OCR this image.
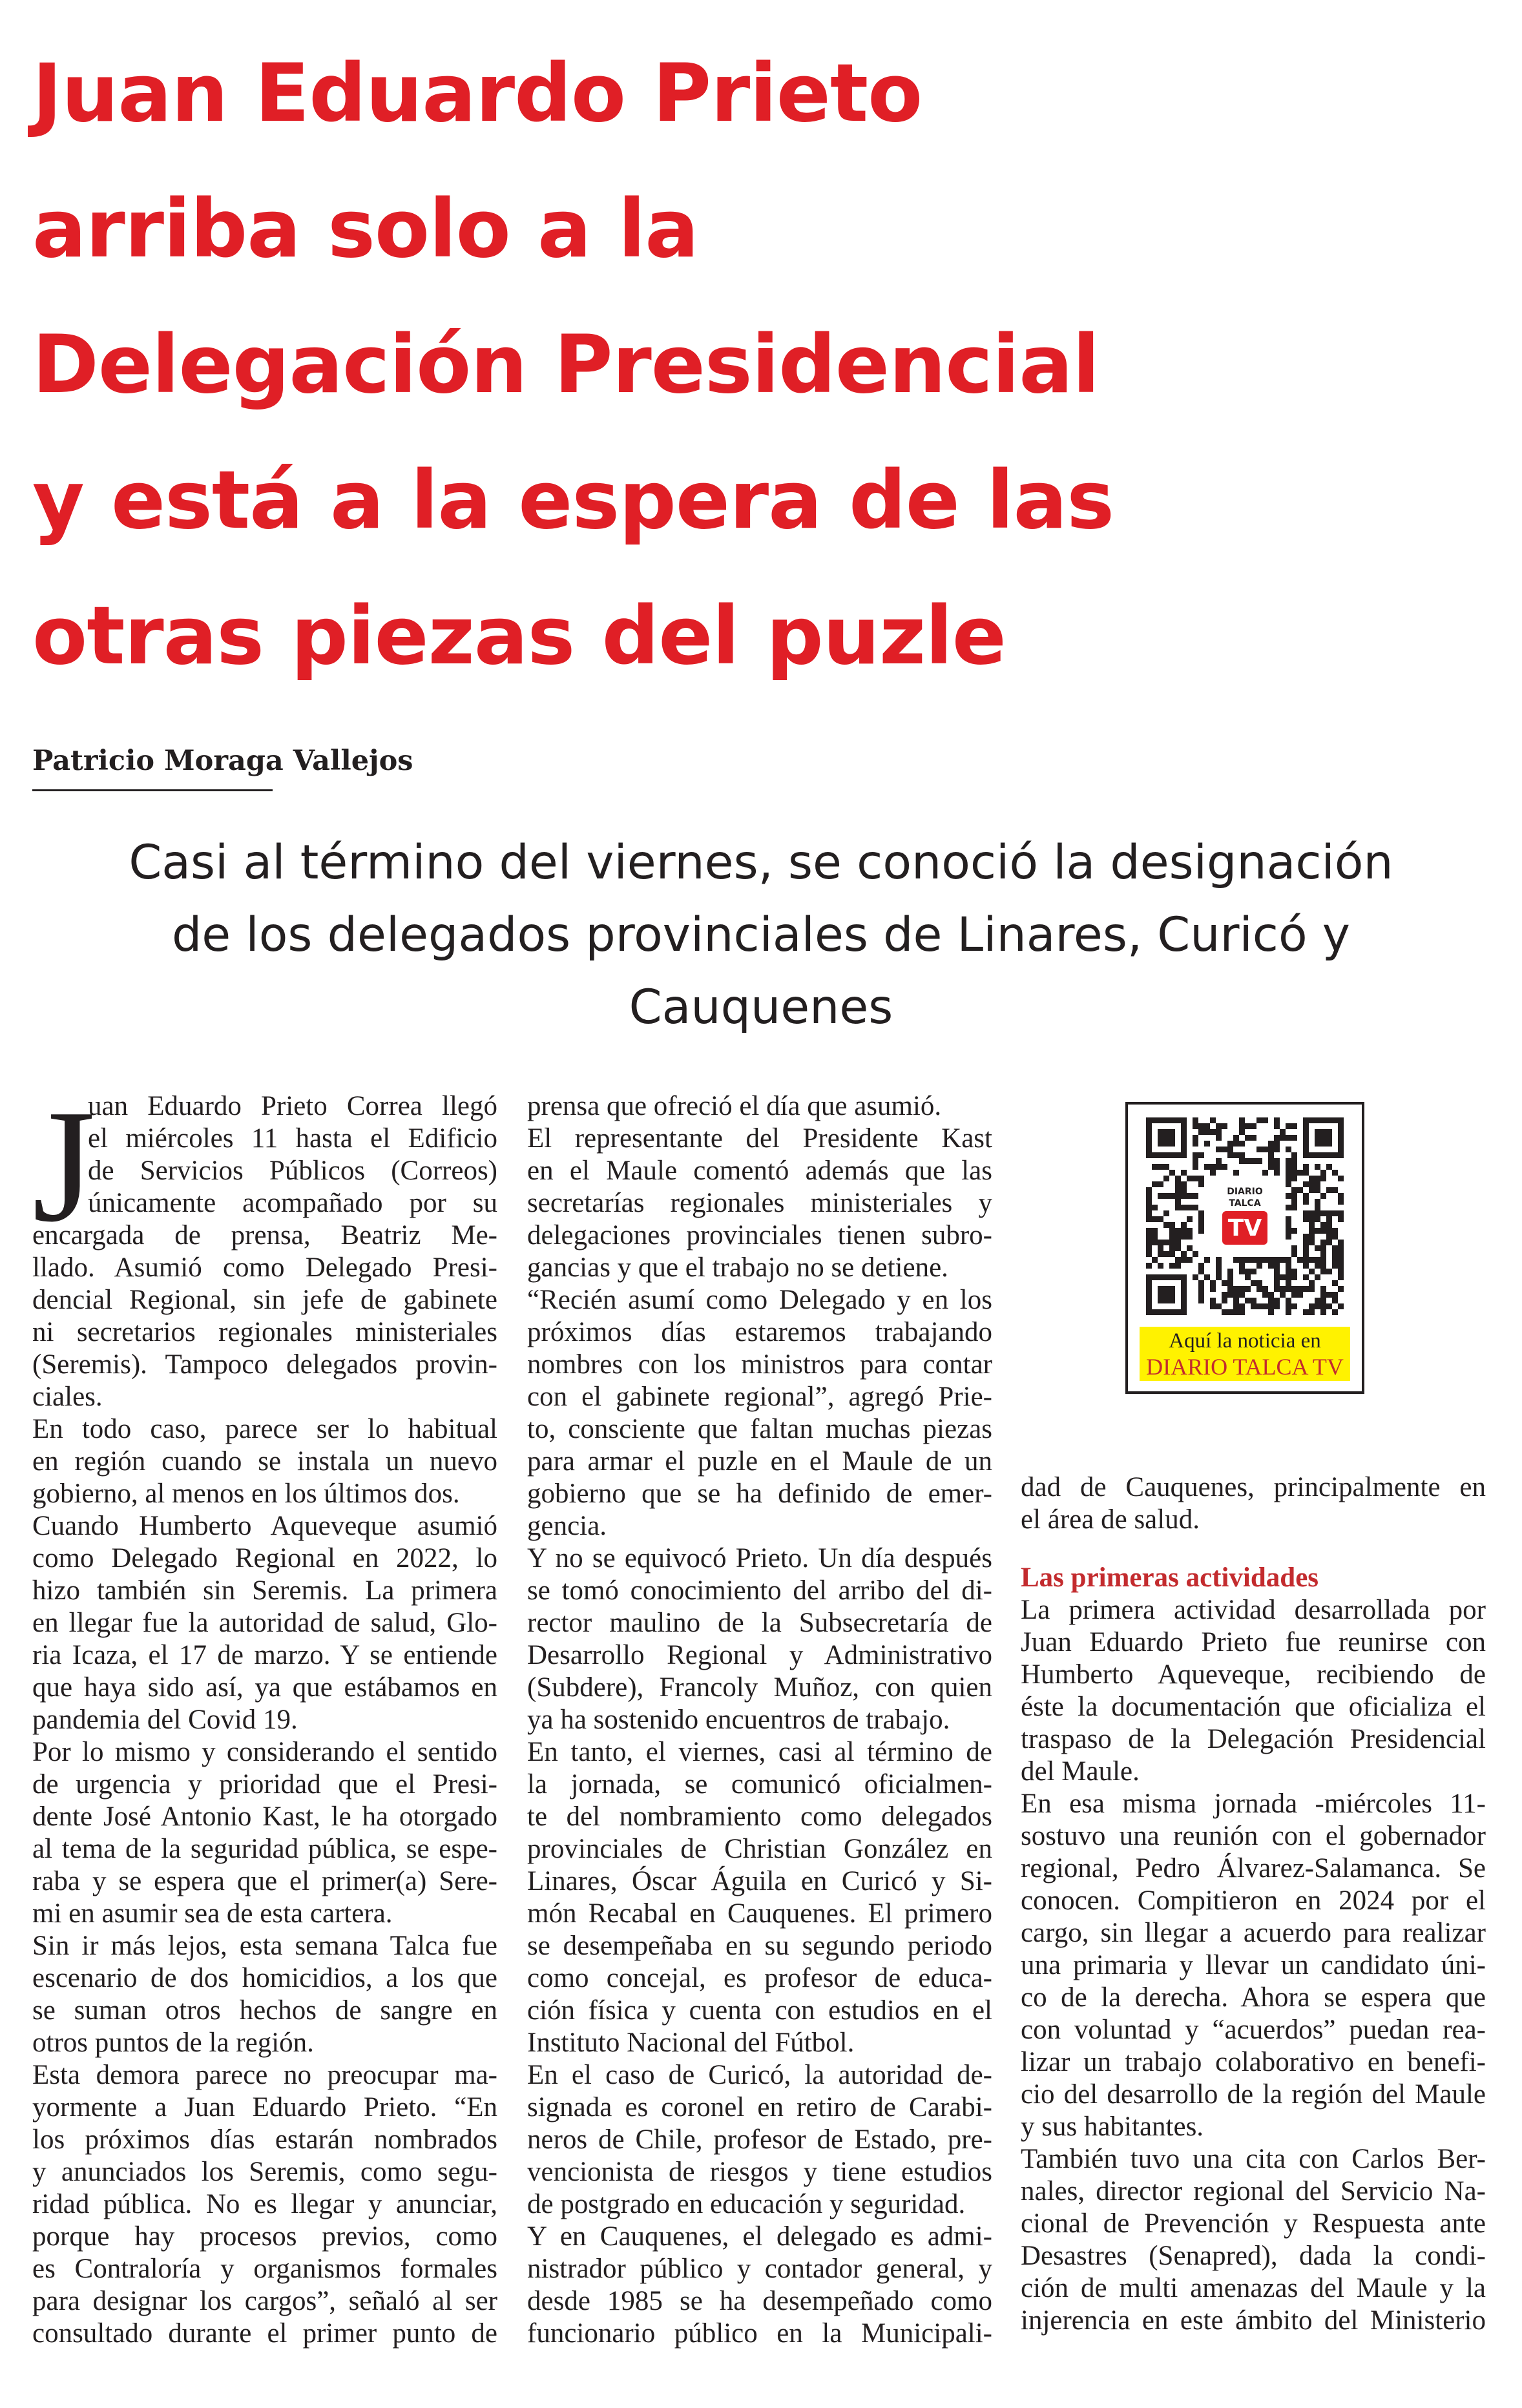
Juan Eduardo Prieto
arriba solo a la
Delegación Presidencial
y está a la espera de las
otras piezas del puzle
Patricio Moraga Vallejos
Casi al término del viernes, se conoció la designación
de los delegados provinciales de Linares, Curicó y
Cauquenes
J
uan Eduardo Prieto Correa llegó
el miércoles 11 hasta el Edificio
de Servicios Públicos (Correos)
únicamente acompañado por su
encargada de prensa, Beatriz Me-
llado. Asumió como Delegado Presi-
dencial Regional, sin jefe de gabinete
ni secretarios regionales ministeriales
(Seremis). Tampoco delegados provin-
ciales.
En todo caso, parece ser lo habitual
en región cuando se instala un nuevo
gobierno, al menos en los últimos dos.
Cuando Humberto Aqueveque asumió
como Delegado Regional en 2022, lo
hizo también sin Seremis. La primera
en llegar fue la autoridad de salud, Glo-
ria Icaza, el 17 de marzo. Y se entiende
que haya sido así, ya que estábamos en
pandemia del Covid 19.
Por lo mismo y considerando el sentido
de urgencia y prioridad que el Presi-
dente José Antonio Kast, le ha otorgado
al tema de la seguridad pública, se espe-
raba y se espera que el primer(a) Sere-
mi en asumir sea de esta cartera.
Sin ir más lejos, esta semana Talca fue
escenario de dos homicidios, a los que
se suman otros hechos de sangre en
otros puntos de la región.
Esta demora parece no preocupar ma-
yormente a Juan Eduardo Prieto. “En
los próximos días estarán nombrados
y anunciados los Seremis, como segu-
ridad pública. No es llegar y anunciar,
porque hay procesos previos, como
es Contraloría y organismos formales
para designar los cargos”, señaló al ser
consultado durante el primer punto de
prensa que ofreció el día que asumió.
El representante del Presidente Kast
en el Maule comentó además que las
secretarías regionales ministeriales y
delegaciones provinciales tienen subro-
gancias y que el trabajo no se detiene.
“Recién asumí como Delegado y en los
próximos días estaremos trabajando
nombres con los ministros para contar
con el gabinete regional”, agregó Prie-
to, consciente que faltan muchas piezas
para armar el puzle en el Maule de un
gobierno que se ha definido de emer-
gencia.
Y no se equivocó Prieto. Un día después
se tomó conocimiento del arribo del di-
rector maulino de la Subsecretaría de
Desarrollo Regional y Administrativo
(Subdere), Francoly Muñoz, con quien
ya ha sostenido encuentros de trabajo.
En tanto, el viernes, casi al término de
la jornada, se comunicó oficialmen-
te del nombramiento como delegados
provinciales de Christian González en
Linares, Óscar Águila en Curicó y Si-
món Recabal en Cauquenes. El primero
se desempeñaba en su segundo periodo
como concejal, es profesor de educa-
ción física y cuenta con estudios en el
Instituto Nacional del Fútbol.
En el caso de Curicó, la autoridad de-
signada es coronel en retiro de Carabi-
neros de Chile, profesor de Estado, pre-
vencionista de riesgos y tiene estudios
de postgrado en educación y seguridad.
Y en Cauquenes, el delegado es admi-
nistrador público y contador general, y
desde 1985 se ha desempeñado como
funcionario público en la Municipali-
DIARIO
TALCA
TV
Aquí la noticia en
DIARIO TALCA TV
dad de Cauquenes, principalmente en
el área de salud.
Las primeras actividades
La primera actividad desarrollada por
Juan Eduardo Prieto fue reunirse con
Humberto Aqueveque, recibiendo de
éste la documentación que oficializa el
traspaso de la Delegación Presidencial
del Maule.
En esa misma jornada -miércoles 11-
sostuvo una reunión con el gobernador
regional, Pedro Álvarez-Salamanca. Se
conocen. Compitieron en 2024 por el
cargo, sin llegar a acuerdo para realizar
una primaria y llevar un candidato úni-
co de la derecha. Ahora se espera que
con voluntad y “acuerdos” puedan rea-
lizar un trabajo colaborativo en benefi-
cio del desarrollo de la región del Maule
y sus habitantes.
También tuvo una cita con Carlos Ber-
nales, director regional del Servicio Na-
cional de Prevención y Respuesta ante
Desastres (Senapred), dada la condi-
ción de multi amenazas del Maule y la
injerencia en este ámbito del Ministerio
